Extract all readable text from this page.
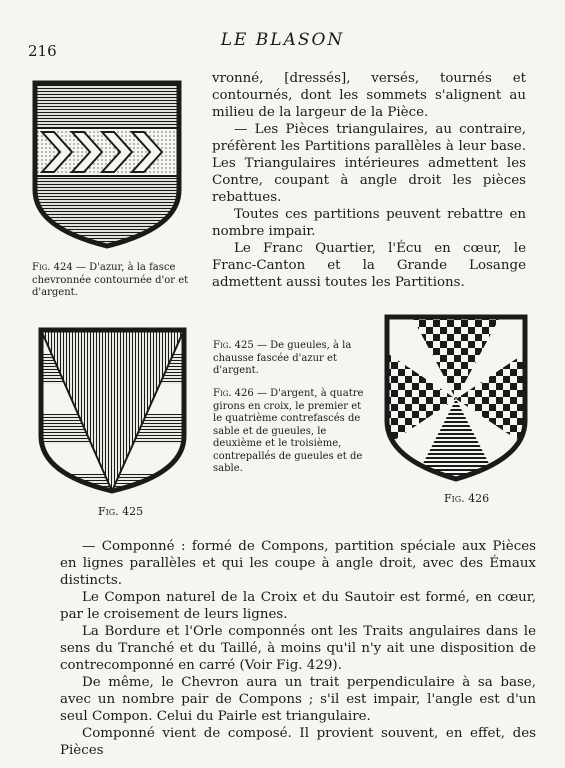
216
LE BLASON

Fig. 424 — D'azur, à la fasce chevronnée contournée d'or et d'argent.

vronné, [dressés], versés, tournés et contournés, dont les sommets s'alignent au milieu de la largeur de la Pièce.

— Les Pièces triangulaires, au contraire, préfèrent les Partitions parallèles à leur base. Les Triangulaires intérieures admettent les Contre, coupant à angle droit les pièces rebattues.

Toutes ces partitions peuvent rebattre en nombre impair.

Le Franc Quartier, l'Écu en cœur, le Franc-Canton et la Grande Losange admettent aussi toutes les Partitions.

Fig. 425

Fig. 425 — De gueules, à la chausse fascée d'azur et d'argent.

Fig. 426 — D'argent, à quatre girons en croix, le premier et le quatrième contrefascés de sable et de gueules, le deuxième et le troisième, contrepallés de gueules et de sable.

Fig. 426

— Componné : formé de Compons, partition spéciale aux Pièces en lignes parallèles et qui les coupe à angle droit, avec des Émaux distincts.

Le Compon naturel de la Croix et du Sautoir est formé, en cœur, par le croisement de leurs lignes.

La Bordure et l'Orle componnés ont les Traits angulaires dans le sens du Tranché et du Taillé, à moins qu'il n'y ait une disposition de contrecomponné en carré (Voir Fig. 429).

De même, le Chevron aura un trait perpendiculaire à sa base, avec un nombre pair de Compons ; s'il est impair, l'angle est d'un seul Compon. Celui du Pairle est triangulaire.

Componné vient de composé. Il provient souvent, en effet, des Pièces
